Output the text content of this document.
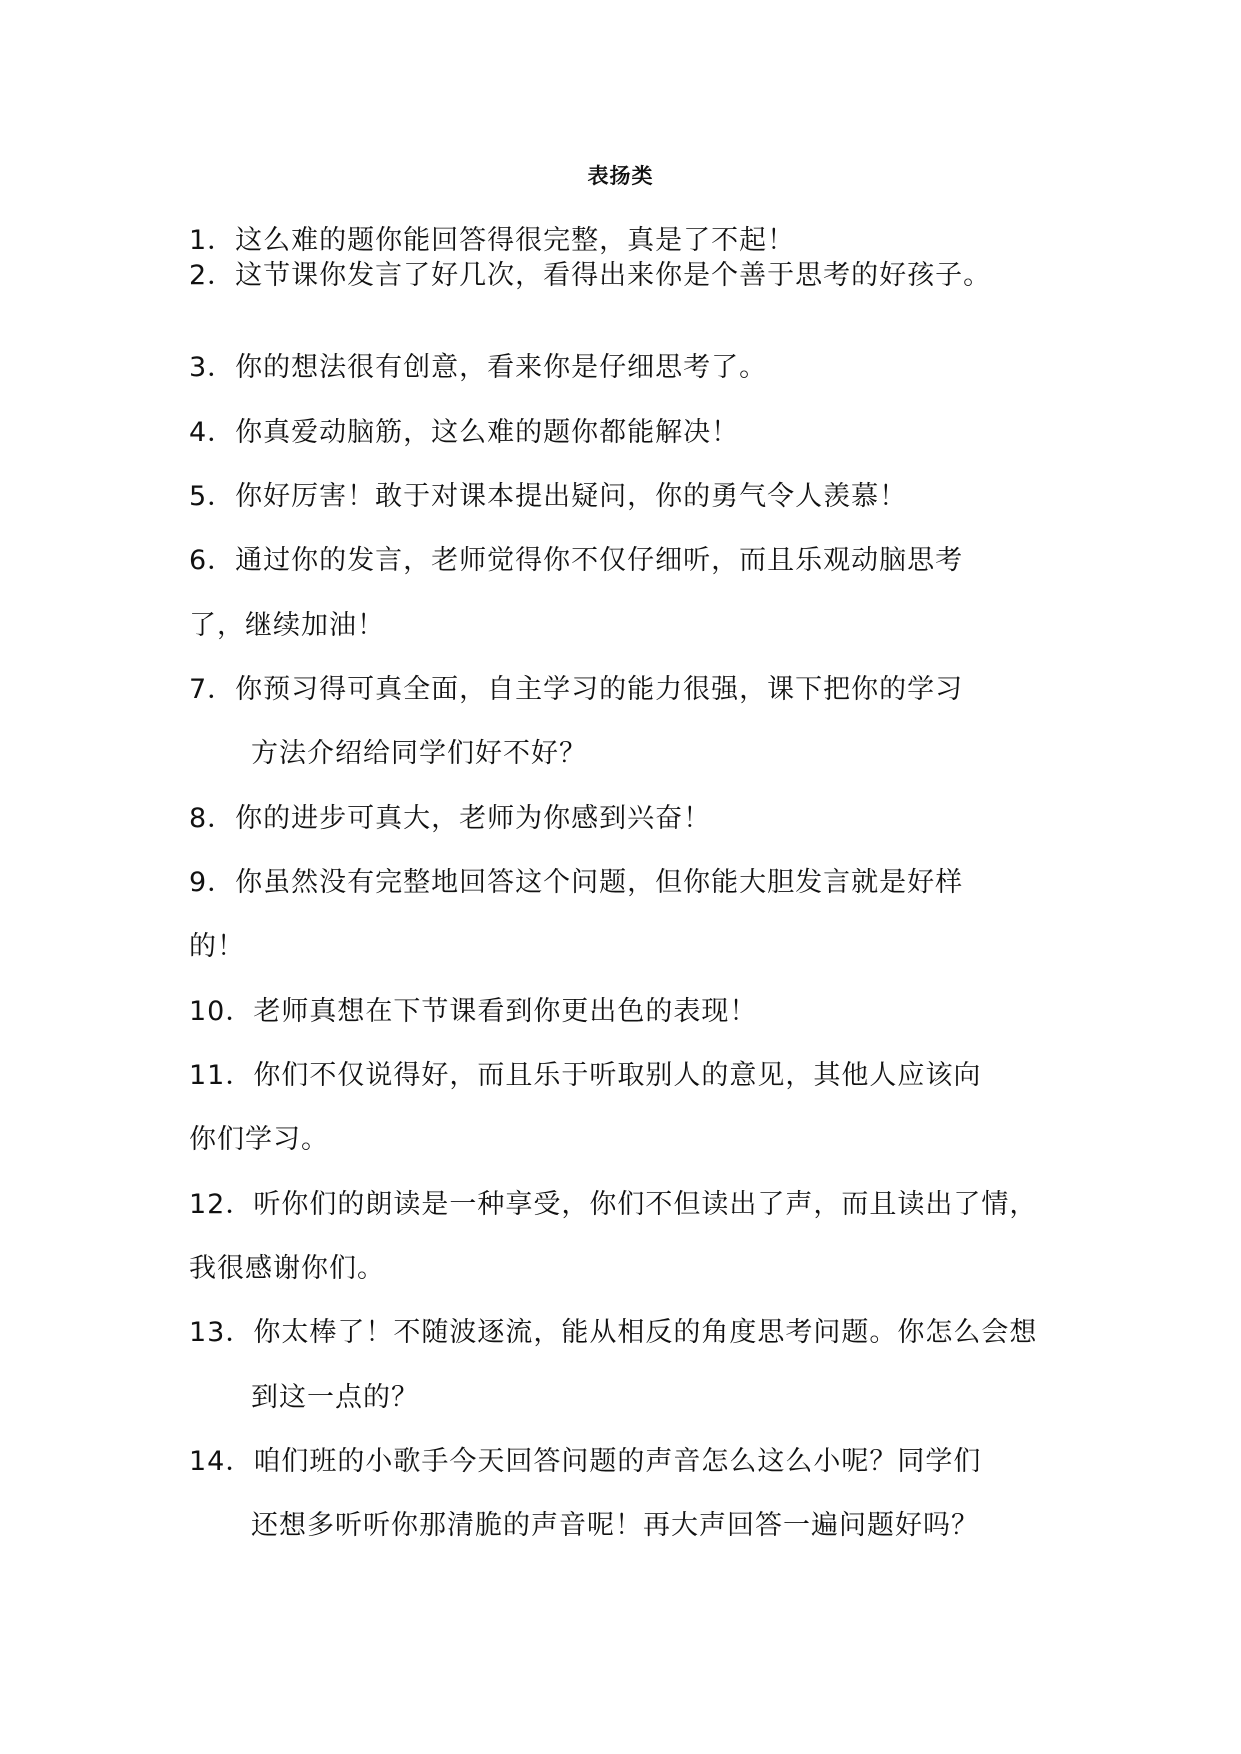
表扬类
1．这么难的题你能回答得很完整，真是了不起！
2．这节课你发言了好几次，看得出来你是个善于思考的好孩子。
3．你的想法很有创意，看来你是仔细思考了。
4．你真爱动脑筋，这么难的题你都能解决！
5．你好厉害！敢于对课本提出疑问，你的勇气令人羡慕！
6．通过你的发言，老师觉得你不仅仔细听，而且乐观动脑思考
了，继续加油！
7．你预习得可真全面，自主学习的能力很强，课下把你的学习
方法介绍给同学们好不好？
8．你的进步可真大，老师为你感到兴奋！
9．你虽然没有完整地回答这个问题，但你能大胆发言就是好样
的！
10．老师真想在下节课看到你更出色的表现！
11．你们不仅说得好，而且乐于听取别人的意见，其他人应该向
你们学习。
12．听你们的朗读是一种享受，你们不但读出了声，而且读出了情，
我很感谢你们。
13．你太棒了！不随波逐流，能从相反的角度思考问题。你怎么会想
到这一点的？
14．咱们班的小歌手今天回答问题的声音怎么这么小呢？同学们
还想多听听你那清脆的声音呢！再大声回答一遍问题好吗？
